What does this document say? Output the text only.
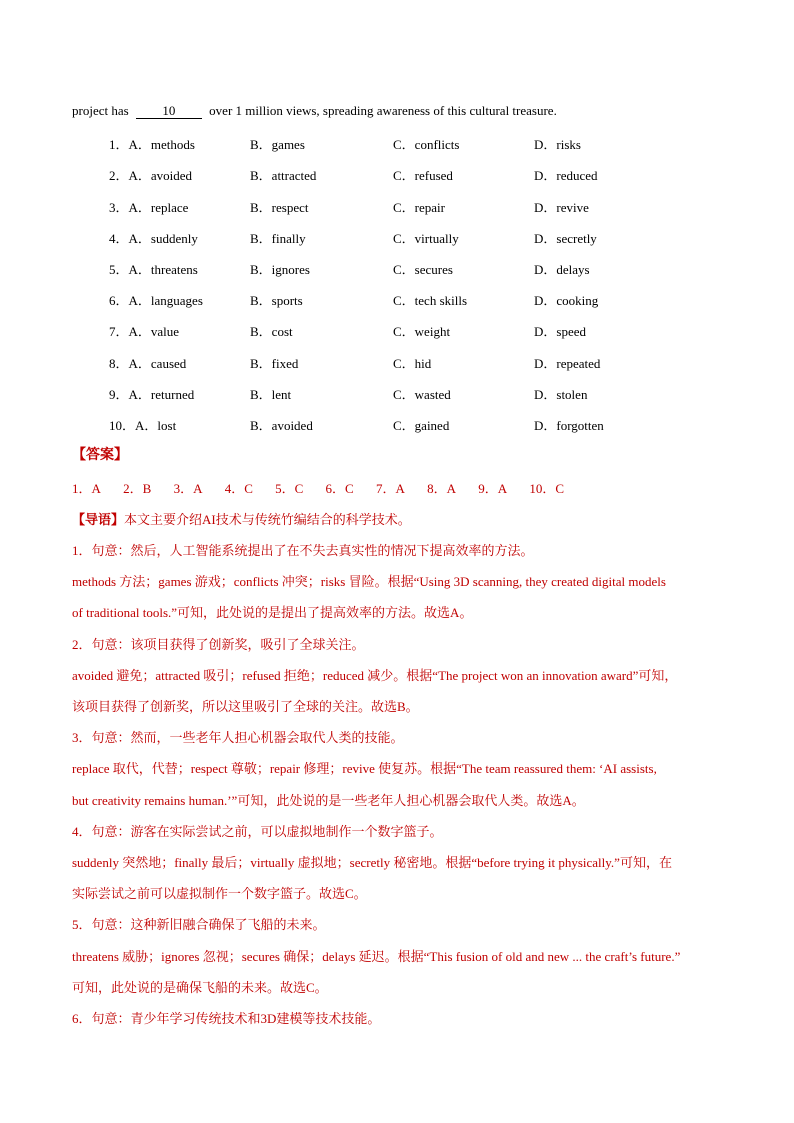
project has	10	over 1 million views, spreading awareness of this cultural treasure.
1．A．methods	B．games	C．conflicts	D．risks
2．A．avoided	B．attracted	C．refused	D．reduced
3．A．replace	B．respect	C．repair	D．revive
4．A．suddenly	B．finally	C．virtually	D．secretly
5．A．threatens	B．ignores	C．secures	D．delays
6．A．languages	B．sports	C．tech skills	D．cooking
7．A．value	B．cost	C．weight	D．speed
8．A．caused	B．fixed	C．hid	D．repeated
9．A．returned	B．lent	C．wasted	D．stolen
10．A．lost	B．avoided	C．gained	D．forgotten
【答案】
1．A 2．B 3．A 4．C 5．C 6．C 7．A 8．A 9．A 10．C
【导语】本文主要介绍AI技术与传统竹编结合的科学技术。
1．句意：然后，人工智能系统提出了在不失去真实性的情况下提高效率的方法。
methods 方法；games 游戏；conflicts 冲突；risks 冒险。根据“Using 3D scanning, they created digital models
of traditional tools.”可知，此处说的是提出了提高效率的方法。故选A。
2．句意：该项目获得了创新奖，吸引了全球关注。
avoided 避免；attracted 吸引；refused 拒绝；reduced 减少。根据“The project won an innovation award”可知，
该项目获得了创新奖，所以这里吸引了全球的关注。故选B。
3．句意：然而，一些老年人担心机器会取代人类的技能。
replace 取代，代替；respect 尊敬；repair 修理；revive 使复苏。根据“The team reassured them: ‘AI assists,
but creativity remains human.’”可知，此处说的是一些老年人担心机器会取代人类。故选A。
4．句意：游客在实际尝试之前，可以虚拟地制作一个数字篮子。
suddenly 突然地；finally 最后；virtually 虚拟地；secretly 秘密地。根据“before trying it physically.”可知，在
实际尝试之前可以虚拟制作一个数字篮子。故选C。
5．句意：这种新旧融合确保了飞船的未来。
threatens 威胁；ignores 忽视；secures 确保；delays 延迟。根据“This fusion of old and new ... the craft’s future.”
可知，此处说的是确保飞船的未来。故选C。
6．句意：青少年学习传统技术和3D建模等技术技能。
